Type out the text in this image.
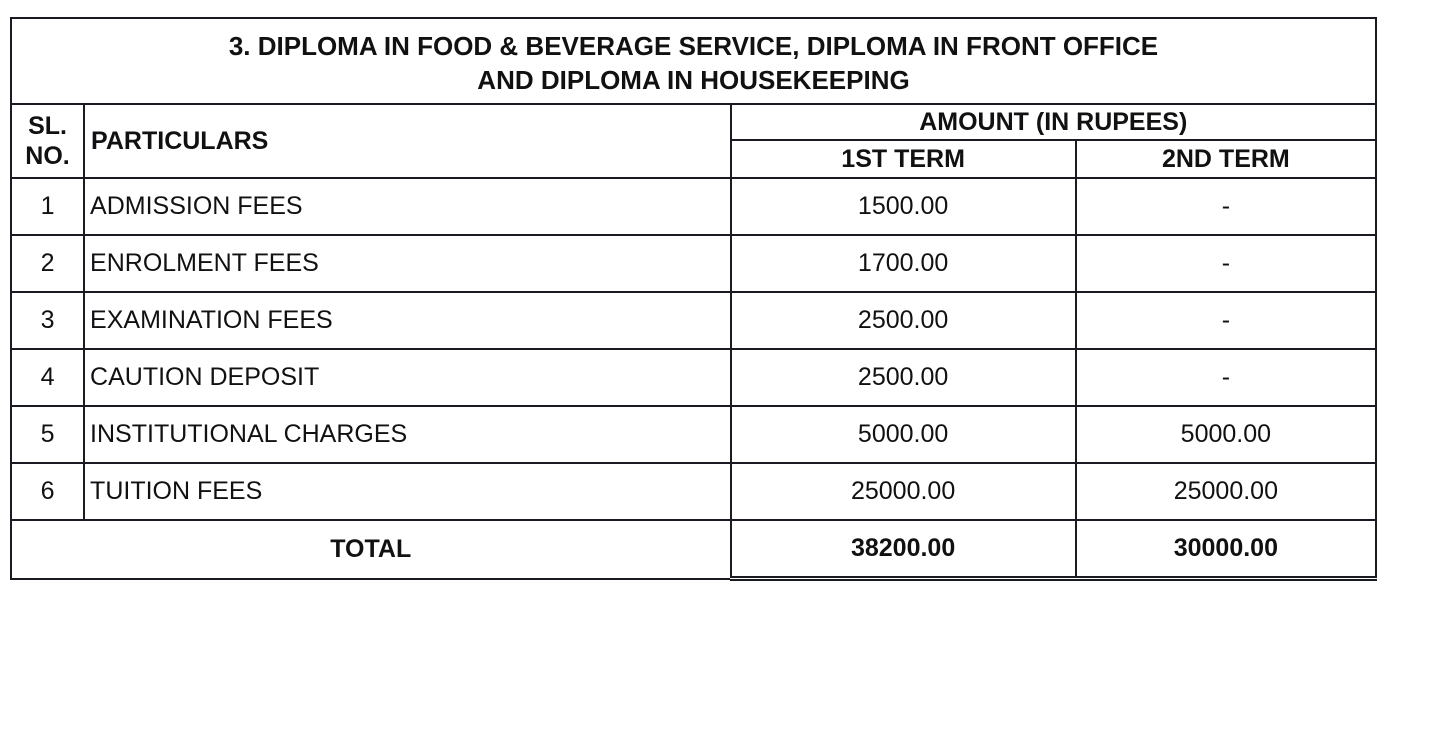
3. DIPLOMA IN FOOD & BEVERAGE SERVICE, DIPLOMA IN FRONT OFFICE
AND DIPLOMA IN HOUSEKEEPING			

SL.
NO.	PARTICULARS	AMOUNT (IN RUPEES)	
		1ST TERM	2ND TERM
1	ADMISSION FEES	1500.00	-
2	ENROLMENT FEES	1700.00	-
3	EXAMINATION FEES	2500.00	-
4	CAUTION DEPOSIT	2500.00	-
5	INSTITUTIONAL CHARGES	5000.00	5000.00
6	TUITION FEES	25000.00	25000.00
TOTAL		38200.00	30000.00
